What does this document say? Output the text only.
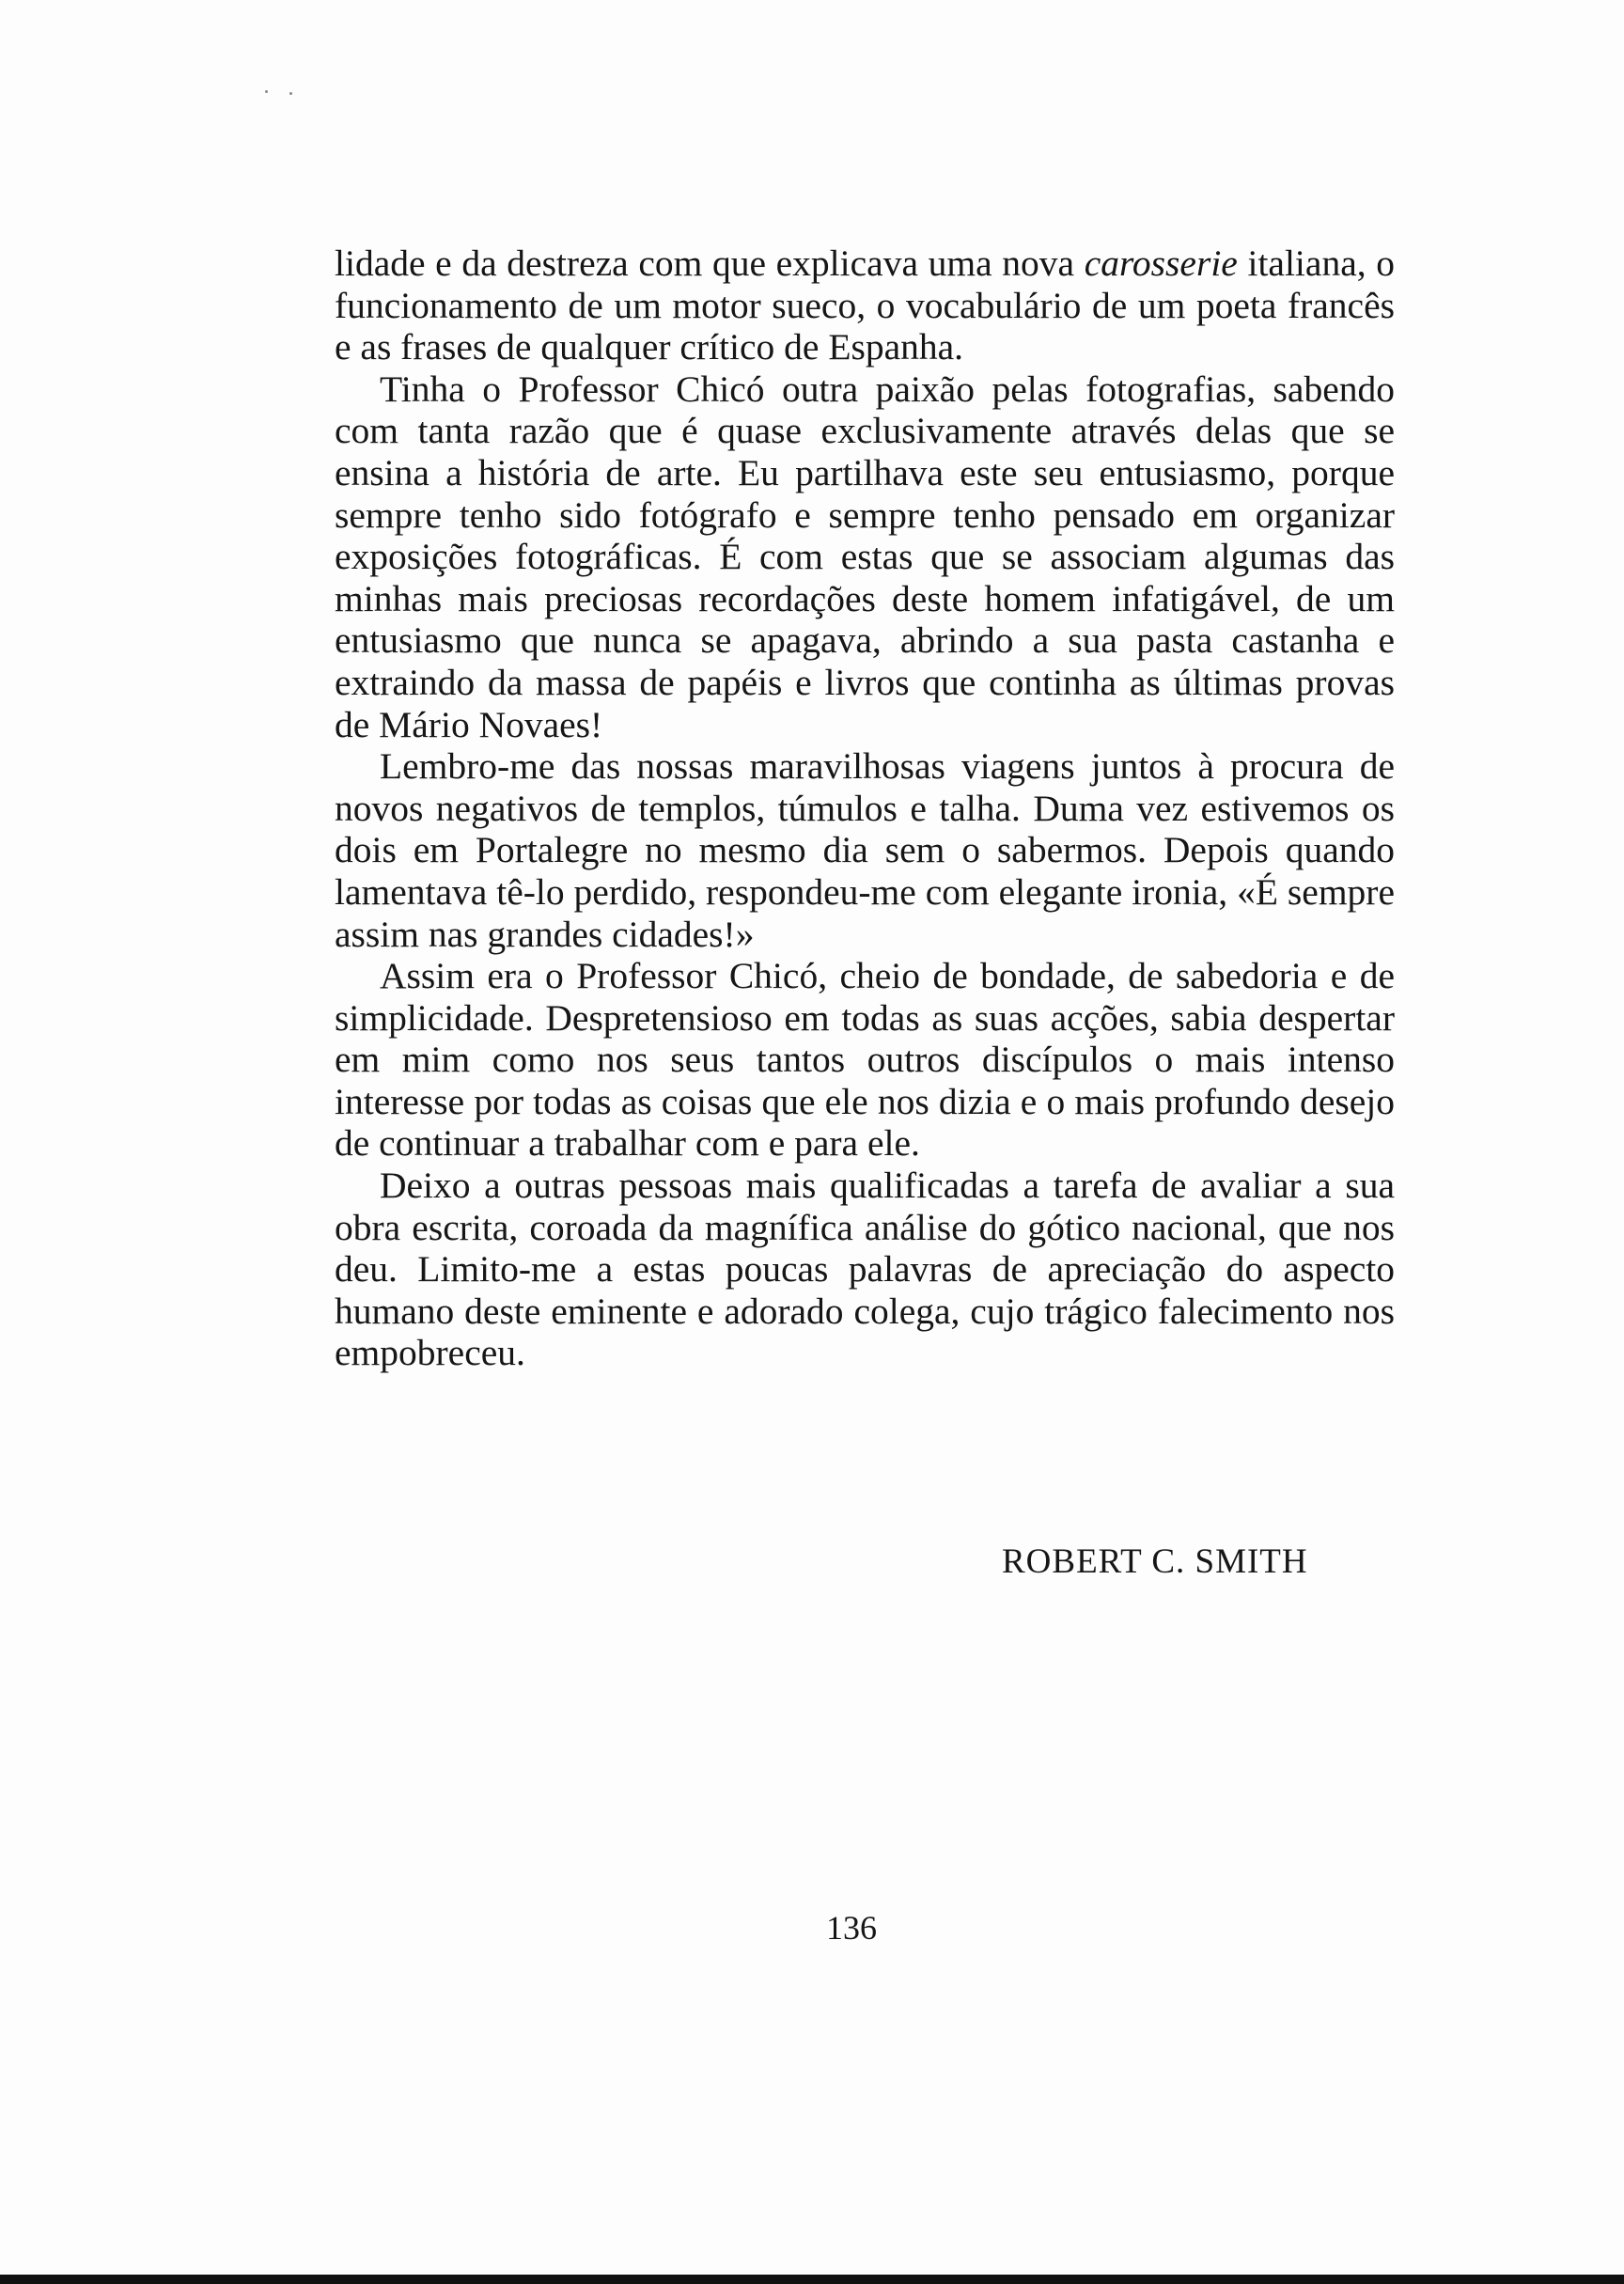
lidade e da destreza com que explicava uma nova carosserie italiana, o funcionamento de um motor sueco, o vocabulário de um poeta francês e as frases de qualquer crítico de Espanha.

Tinha o Professor Chicó outra paixão pelas fotografias, sabendo com tanta razão que é quase exclusivamente através delas que se ensina a história de arte. Eu partilhava este seu entusiasmo, porque sempre tenho sido fotógrafo e sempre tenho pensado em organizar exposições fotográficas. É com estas que se associam algumas das minhas mais preciosas recordações deste homem infatigável, de um entusiasmo que nunca se apagava, abrindo a sua pasta castanha e extraindo da massa de papéis e livros que continha as últimas provas de Mário Novaes!

Lembro-me das nossas maravilhosas viagens juntos à procura de novos negativos de templos, túmulos e talha. Duma vez estivemos os dois em Portalegre no mesmo dia sem o sabermos. Depois quando lamentava tê-lo perdido, respondeu-me com elegante ironia, «É sempre assim nas grandes cidades!»

Assim era o Professor Chicó, cheio de bondade, de sabedoria e de simplicidade. Despretensioso em todas as suas acções, sabia despertar em mim como nos seus tantos outros discípulos o mais intenso interesse por todas as coisas que ele nos dizia e o mais profundo desejo de continuar a trabalhar com e para ele.

Deixo a outras pessoas mais qualificadas a tarefa de avaliar a sua obra escrita, coroada da magnífica análise do gótico nacional, que nos deu. Limito-me a estas poucas palavras de apreciação do aspecto humano deste eminente e adorado colega, cujo trágico falecimento nos empobreceu.

ROBERT C. SMITH
136
